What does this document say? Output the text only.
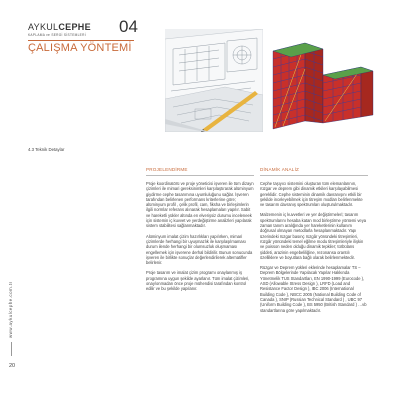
AYKULCEPHE
KAPLAMA ve SERGİ SİSTEMLERİ 04
ÇALIŞMA YÖNTEMİ
4.3 Teknik Detaylar
PROJELENDİRME

Proje koordinatörü ve proje yöneticisi işveren ile tüm dizayn çizimleri ile mimari gereksinimleri karşılaştırarak alüminyum giydirme cephe tasarımına uyumluluğunu sağlar. İşveren tarafından belirlenen performans kriterlerine göre; alüminyum profil , çelik profil, cam, fiksha ve birleşimlerin ilgili normlar referans alınarak hesaplamaları yapılır. Sabit ve hareketli yükler altında en elverişsiz durumu inceleneek için sistemin iç kuvvet ve yerdeğiştirme analizleri yapılarak sistem stabilitesi sağlanmaktadır.

Alüminyum imalat çizim hazırlıkları yapılırken, mimari çizimlerde herhangi bir uyuşmazlık ile karşılaşılmaması durum ilende herhangi bir olumsuzluk oluşmaması engellemek için işverene derhal bildirilir. Bunun sonucunda işveren ile birlikte sonuçlar değerlendirilerek alternatifler belirlenir.

Proje tasarım ve imalat çizim programı onaylanmış iş programına uygun şekilde ayarlanır. Tüm imalat çizimleri, onay/onmadan önce proje mühendisi tarafından kontrol edilir ve bu şekilde yapılanır.

DİNAMİK ANALİZ

Cephe taşıyıcı sistemini oluşturan tüm elemanlarının, rüzgar ve deprem gibi dinamik etkileri karşılayabilmesi gereklidir. Cephe sisteminin dinamik davranışını etkili bir şekilde inceleyebilmek için titreşim modları belirlenmekte ve tasarım davranış spektrumları oluşturulmaktadır.

Malzemenin iç kuvvetleri ve yer değiştirmeleri; tasarım spektrumlarını hesaba katan mod birleştirme yöntemi veya zaman tanım aralığında yer hareketlerinin kullanım doğrusal olmayan metodlarla hesaplanmaktadır. Yapı üzerindeki rüzgar basınç rüzgâr yönündeki titreşimleri, rüzgâr yönündeki temel eğilme modu titreşimleriyle ilişkin ve poisson neden olduğu dinamik tepkiler; türbülans şiddeti, arazinin engebeliliğine, rezonansa orantılı özelliklere ve boyutlara bağlı olarak belirlenmektedir.

Rüzgar ve Deprem yükleri eklerinde hesaplamalar TS – Deprem Bölgelerinde Yapılacak Yapılar Hakkında Yönetmelik TUS Standartları, EN 1990-1999 (Eurocode ), ASD (Allowable Stress Design ), LRFD (Load and Resistance Factor Design ), IBC 2006 (International Building Code ), NBCC 2005 (National Building Code of Canada ), SNIP (Russian Technical Standard ) , UBC 97 (Uniform Building Code ), BS 5950 (British Standard ) …vb standartlarına göre yapılmaktadır.

www.aykulcephe.com.tr
20
